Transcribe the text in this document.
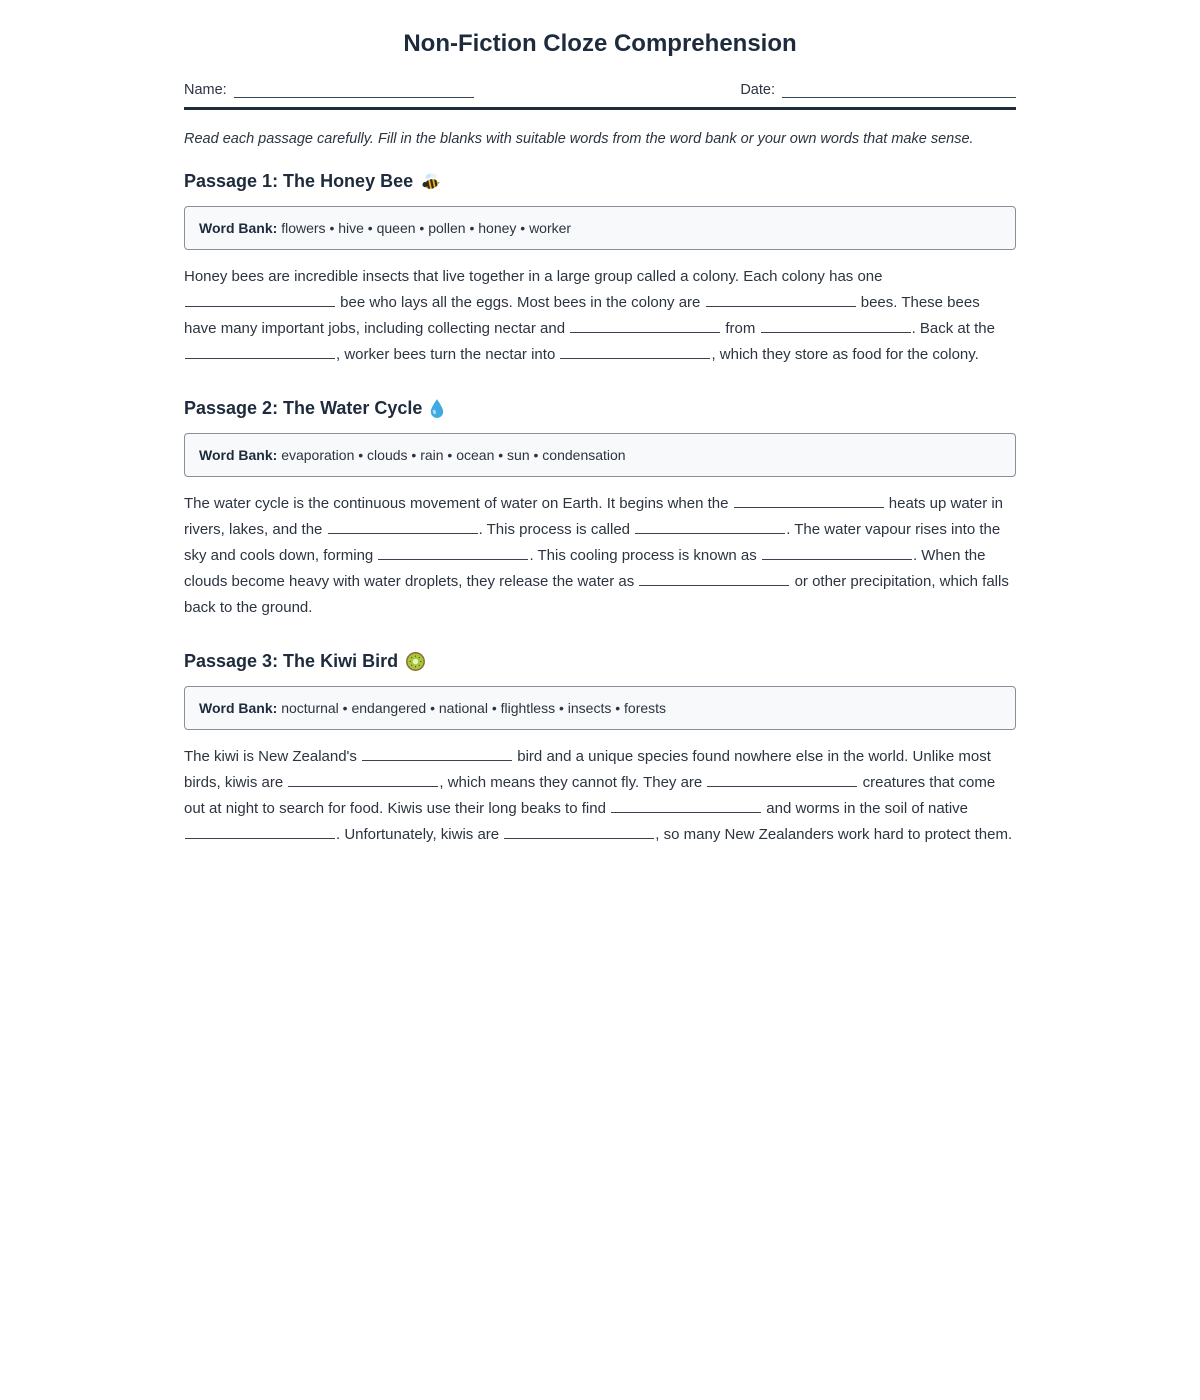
Non-Fiction Cloze Comprehension
Name:	Date:

Read each passage carefully. Fill in the blanks with suitable words from the word bank or your own words that make sense.

Passage 1: The Honey Bee
Word Bank: flowers • hive • queen • pollen • honey • worker

Honey bees are incredible insects that live together in a large group called a colony. Each colony has one  bee who lays all the eggs. Most bees in the colony are	bees. These bees have many important jobs, including collecting nectar and	from	. Back at the , worker bees turn the nectar into	, which they store as food for the colony.

Passage 2: The Water Cycle
Word Bank: evaporation • clouds • rain • ocean • sun • condensation

The water cycle is the continuous movement of water on Earth. It begins when the	heats up water in rivers, lakes, and the	. This process is called	. The water vapour rises into the sky and cools down, forming	. This cooling process is known as	. When the clouds become heavy with water droplets, they release the water as	or other precipitation, which falls back to the ground.

Passage 3: The Kiwi Bird
Word Bank: nocturnal • endangered • national • flightless • insects • forests

The kiwi is New Zealand's	bird and a unique species found nowhere else in the world. Unlike most birds, kiwis are	, which means they cannot fly. They are	creatures that come out at night to search for food. Kiwis use their long beaks to find	and worms in the soil of native . Unfortunately, kiwis are	, so many New Zealanders work hard to protect them.
